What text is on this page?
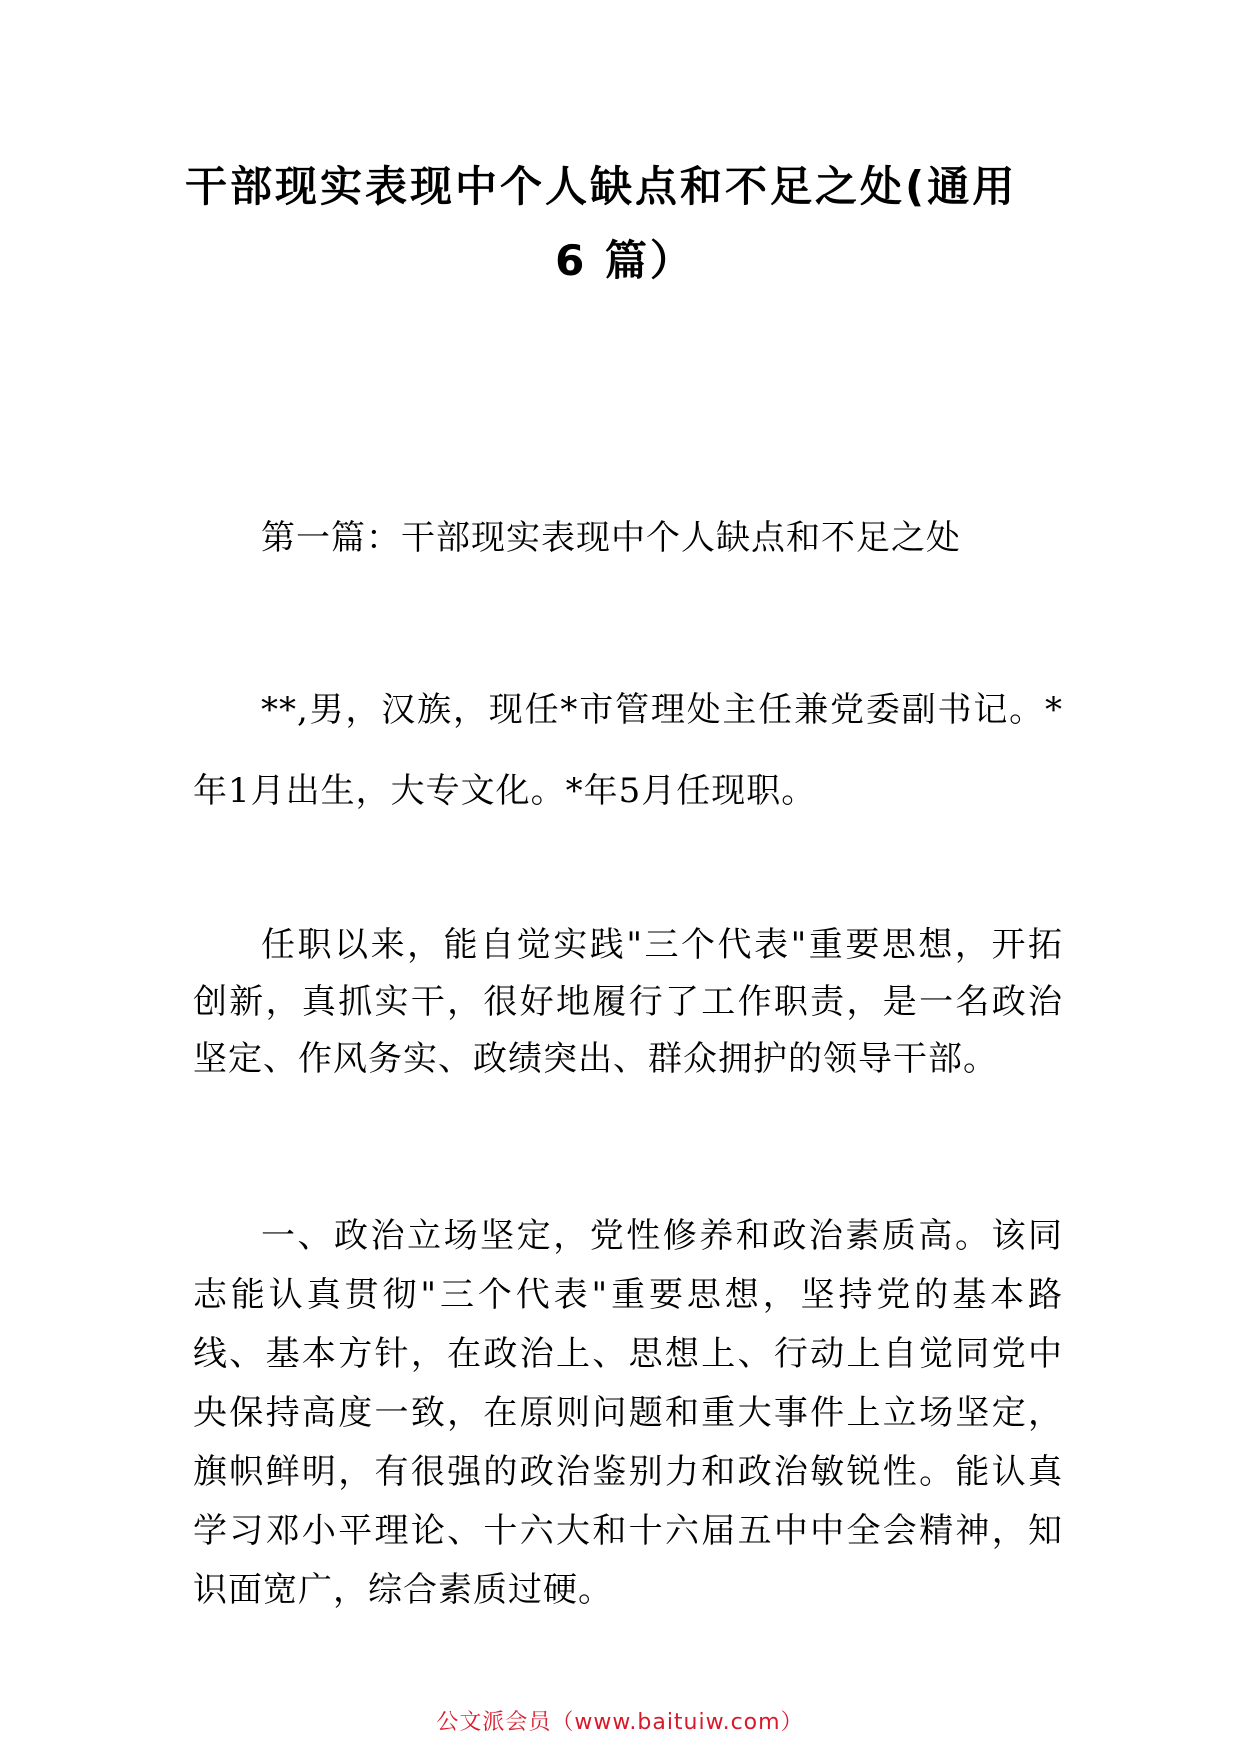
干部现实表现中个人缺点和不足之处(通用
6 篇）

第一篇：干部现实表现中个人缺点和不足之处

**,男，汉族，现任*市管理处主任兼党委副书记。*年1月出生，大专文化。*年5月任现职。

任职以来，能自觉实践"三个代表"重要思想，开拓创新，真抓实干，很好地履行了工作职责，是一名政治坚定、作风务实、政绩突出、群众拥护的领导干部。

一、政治立场坚定，党性修养和政治素质高。该同志能认真贯彻"三个代表"重要思想，坚持党的基本路线、基本方针，在政治上、思想上、行动上自觉同党中央保持高度一致，在原则问题和重大事件上立场坚定，旗帜鲜明，有很强的政治鉴别力和政治敏锐性。能认真学习邓小平理论、十六大和十六届五中中全会精神，知识面宽广，综合素质过硬。

公文派会员（www.baituiw.com）
